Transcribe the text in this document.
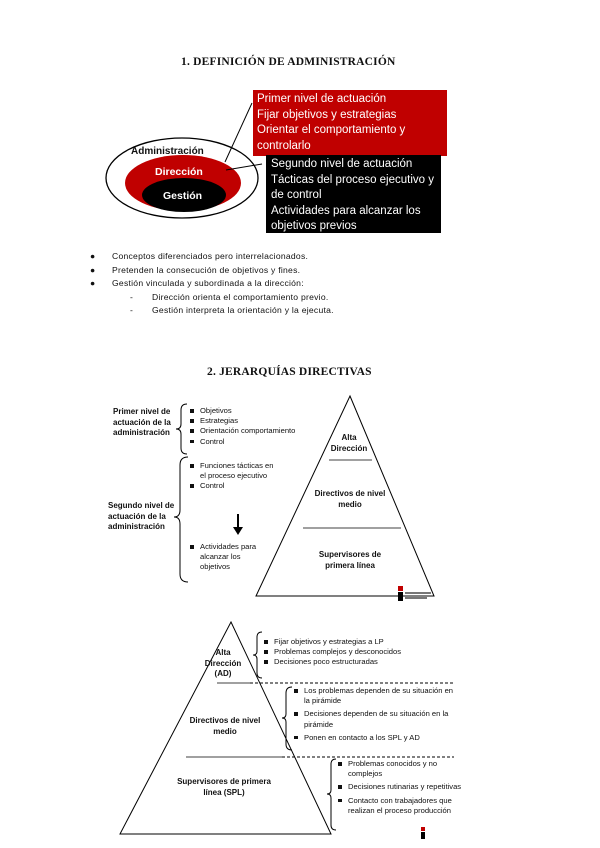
1. DEFINICIÓN DE ADMINISTRACIÓN
Administración
Dirección
Gestión
Primer nivel de actuación
Fijar objetivos y estrategias
Orientar el comportamiento y controlarlo
Segundo nivel de actuación
Tácticas del proceso ejecutivo y de control
Actividades para alcanzar los objetivos previos
●	Conceptos diferenciados pero interrelacionados.
●	Pretenden la consecución de objetivos y fines.
●	Gestión vinculada y subordinada a la dirección:
-	Dirección orienta el comportamiento previo.
-	Gestión interpreta la orientación y la ejecuta.
2. JERARQUÍAS DIRECTIVAS
Primer nivel de actuación de la administración
Objetivos
Estrategias
Orientación comportamiento
Control
Segundo nivel de actuación de la administración
Funciones tácticas en el proceso ejecutivo
Control
Actividades para alcanzar los objetivos
Alta Dirección
Directivos de nivel medio
Supervisores de primera línea
Alta Dirección (AD)
Directivos de nivel medio
Supervisores de primera línea (SPL)
Fijar objetivos y estrategias a LP
Problemas complejos y desconocidos
Decisiones poco estructuradas
Los problemas dependen de su situación en la pirámide
Decisiones dependen de su situación en la pirámide
Ponen en contacto a los SPL y AD
Problemas conocidos y no complejos
Decisiones rutinarias y repetitivas
Contacto con trabajadores que realizan el proceso producción
